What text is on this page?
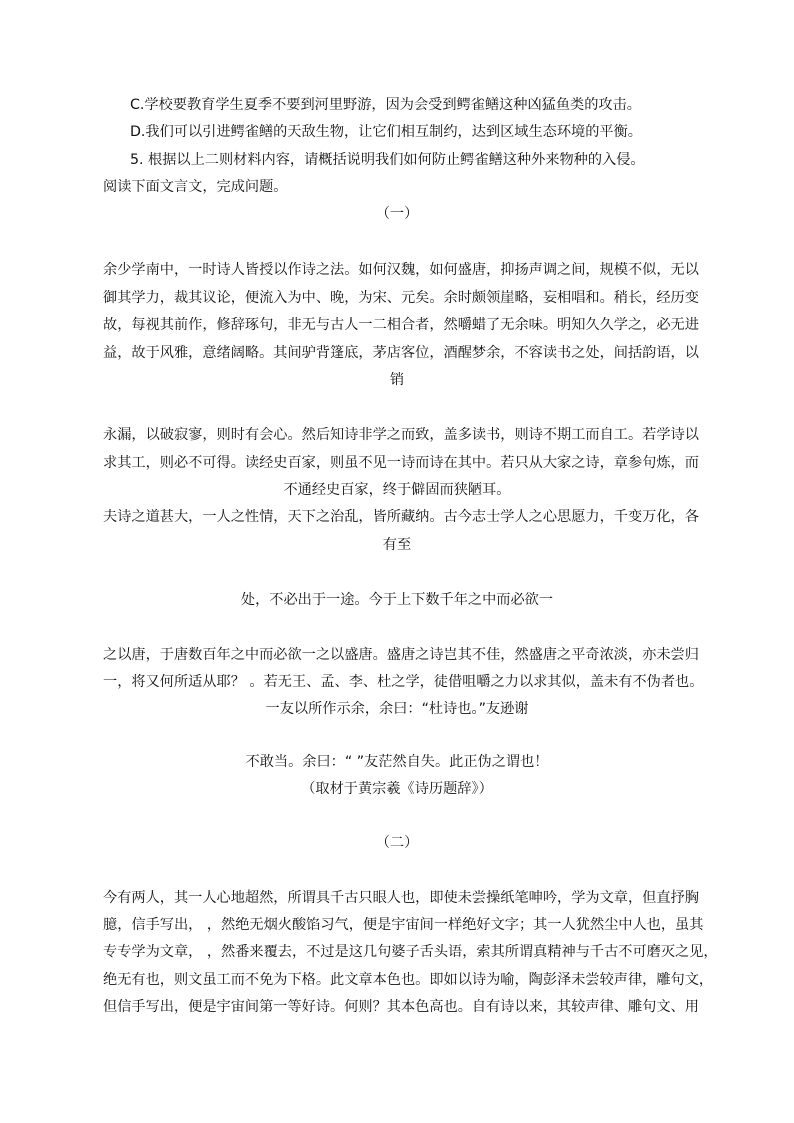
C.学校要教育学生夏季不要到河里野游，因为会受到鳄雀鳝这种凶猛鱼类的攻击。

D.我们可以引进鳄雀鳝的天敌生物，让它们相互制约，达到区域生态环境的平衡。

5. 根据以上二则材料内容，请概括说明我们如何防止鳄雀鳝这种外来物种的入侵。

阅读下面文言文，完成问题。

（一）

余少学南中，一时诗人皆授以作诗之法。如何汉魏，如何盛唐，抑扬声调之间，规模不似，无以

御其学力，裁其议论，便流入为中、晚，为宋、元矣。余时颇领崖略，妄相唱和。稍长，经历变

故，每视其前作，修辞琢句，非无与古人一二相合者，然嚼蜡了无余味。明知久久学之，必无进

益，故于风雅，意绪阔略。其间驴背篷底，茅店客位，酒醒梦余，不容读书之处，间括韵语，以

销

永漏，以破寂寥，则时有会心。然后知诗非学之而致，盖多读书，则诗不期工而自工。若学诗以

求其工，则必不可得。读经史百家，则虽不见一诗而诗在其中。若只从大家之诗，章参句炼，而

不通经史百家，终于僻固而狭陋耳。

夫诗之道甚大，一人之性情，天下之治乱，皆所藏纳。古今志士学人之心思愿力，千变万化，各

有至

处，不必出于一途。今于上下数千年之中而必欲一

之以唐，于唐数百年之中而必欲一之以盛唐。盛唐之诗岂其不佳，然盛唐之平奇浓淡，亦未尝归

一，将又何所适从耶？ 。若无王、孟、李、杜之学，徒借咀嚼之力以求其似，盖未有不伪者也。

一友以所作示余，余曰：“杜诗也。”友逊谢

不敢当。余曰：“ ”友茫然自失。此正伪之谓也！

（取材于黄宗羲《诗历题辞》）

（二）

今有两人，其一人心地超然，所谓具千古只眼人也，即使未尝操纸笔呻吟，学为文章，但直抒胸

臆，信手写出， ，然绝无烟火酸馅习气，便是宇宙间一样绝好文字；其一人犹然尘中人也，虽其

专专学为文章， ，然番来覆去，不过是这几句婆子舌头语，索其所谓真精神与千古不可磨灭之见，

绝无有也，则文虽工而不免为下格。此文章本色也。即如以诗为喻，陶彭泽未尝较声律，雕句文，

但信手写出，便是宇宙间第一等好诗。何则？其本色高也。自有诗以来，其较声律、雕句文、用
